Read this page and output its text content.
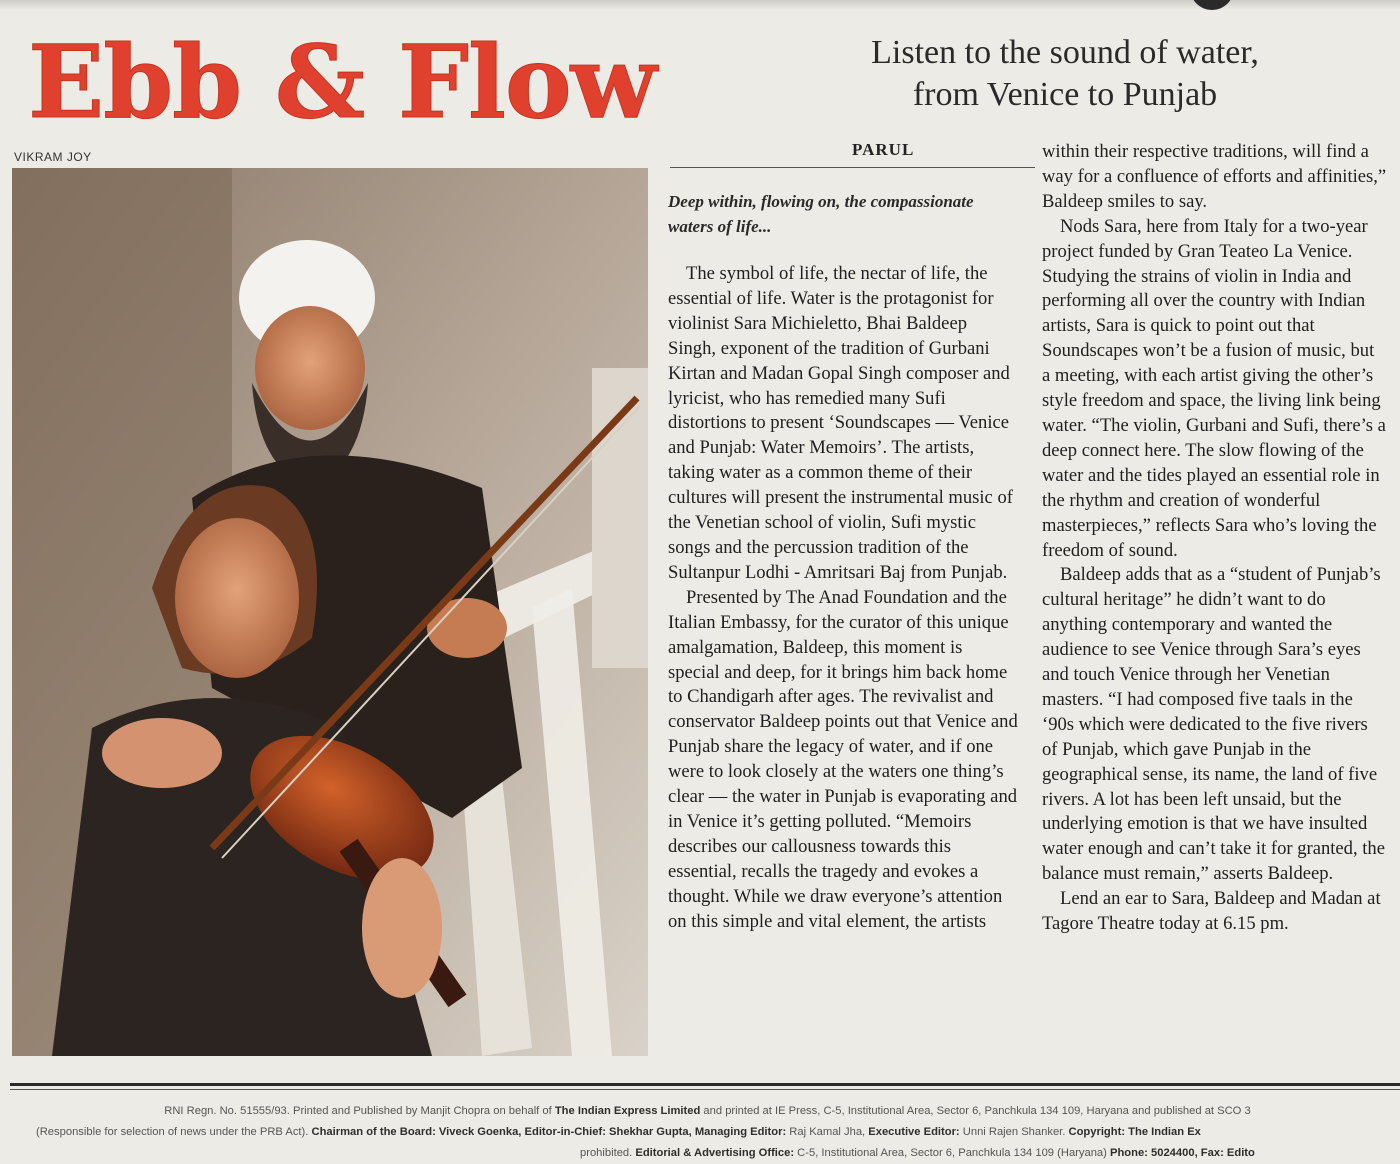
Ebb & Flow	Listen to the sound of water,
from Venice to Punjab
VIKRAM JOY	PARUL
Deep within, flowing on, the compassionate waters of life...

The symbol of life, the nectar of life, the essential of life. Water is the protagonist for violinist Sara Michieletto, Bhai Baldeep Singh, exponent of the tradition of Gurbani Kirtan and Madan Gopal Singh composer and lyricist, who has remedied many Sufi distortions to present ‘Soundscapes — Venice and Punjab: Water Memoirs’. The artists, taking water as a common theme of their cultures will present the instrumental music of the Venetian school of violin, Sufi mystic songs and the percussion tradition of the Sultanpur Lodhi - Amritsari Baj from Punjab.

Presented by The Anad Foundation and the Italian Embassy, for the curator of this unique amalgamation, Baldeep, this moment is special and deep, for it brings him back home to Chandigarh after ages. The revivalist and conservator Baldeep points out that Venice and Punjab share the legacy of water, and if one were to look closely at the waters one thing’s clear — the water in Punjab is evaporating and in Venice it’s getting polluted. “Memoirs describes our callousness towards this essential, recalls the tragedy and evokes a thought. While we draw everyone’s attention on this simple and vital element, the artists

within their respective traditions, will find a way for a confluence of efforts and affinities,” Baldeep smiles to say.

Nods Sara, here from Italy for a two-year project funded by Gran Teateo La Venice. Studying the strains of violin in India and performing all over the country with Indian artists, Sara is quick to point out that Soundscapes won’t be a fusion of music, but a meeting, with each artist giving the other’s style freedom and space, the living link being water. “The violin, Gurbani and Sufi, there’s a deep connect here. The slow flowing of the water and the tides played an essential role in the rhythm and creation of wonderful masterpieces,” reflects Sara who’s loving the freedom of sound.

Baldeep adds that as a “student of Punjab’s cultural heritage” he didn’t want to do anything contemporary and wanted the audience to see Venice through Sara’s eyes and touch Venice through her Venetian masters. “I had composed five taals in the ‘90s which were dedicated to the five rivers of Punjab, which gave Punjab in the geographical sense, its name, the land of five rivers. A lot has been left unsaid, but the underlying emotion is that we have insulted water enough and can’t take it for granted, the balance must remain,” asserts Baldeep.

Lend an ear to Sara, Baldeep and Madan at Tagore Theatre today at 6.15 pm.

RNI Regn. No. 51555/93. Printed and Published by Manjit Chopra on behalf of The Indian Express Limited and printed at IE Press, C-5, Institutional Area, Sector 6, Panchkula 134 109, Haryana and published at SCO 3
(Responsible for selection of news under the PRB Act). Chairman of the Board: Viveck Goenka, Editor-in-Chief: Shekhar Gupta, Managing Editor: Raj Kamal Jha, Executive Editor: Unni Rajen Shanker. Copyright: The Indian Ex
prohibited. Editorial & Advertising Office: C-5, Institutional Area, Sector 6, Panchkula 134 109 (Haryana) Phone: 5024400, Fax: Edito
